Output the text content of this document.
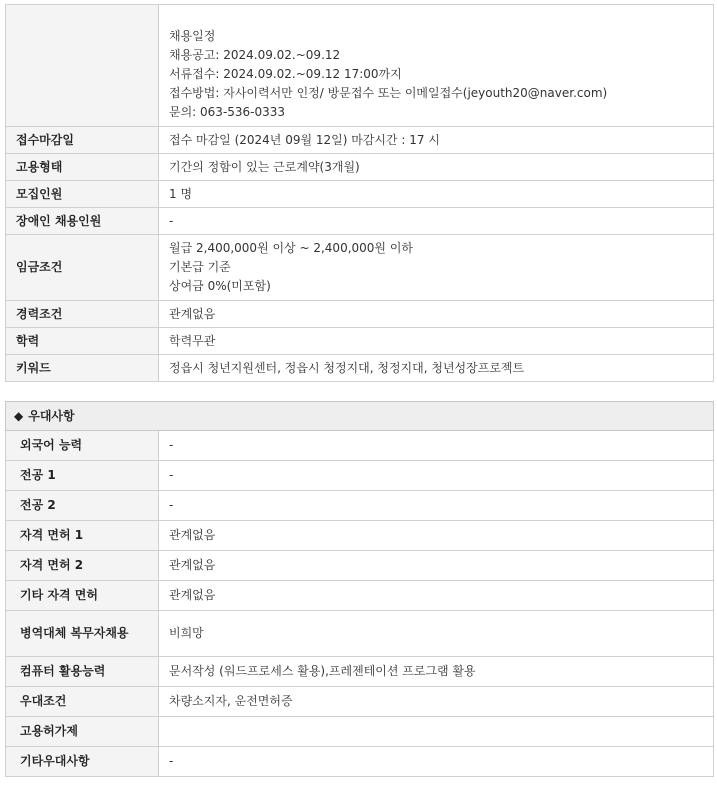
	채용일정
채용공고: 2024.09.02.~09.12
서류접수: 2024.09.02.~09.12 17:00까지
접수방법: 자사이력서만 인정/ 방문접수 또는 이메일접수(jeyouth20@naver.com)
문의: 063-536-0333

접수마감일	접수 마감일 (2024년 09월 12일) 마감시간 : 17 시
고용형태	기간의 정함이 있는 근로계약(3개월)
모집인원	1 명
장애인 채용인원	-
임금조건	월급 2,400,000원 이상 ~ 2,400,000원 이하
기본급 기준
상여금 0%(미포함)

경력조건	관계없음
학력	학력무관
키워드	정읍시 청년지원센터, 정읍시 청정지대, 청정지대, 청년성장프로젝트
◆ 우대사항	
외국어 능력	-
전공 1	-
전공 2	-
자격 면허 1	관계없음
자격 면허 2	관계없음
기타 자격 면허	관계없음
병역대체 복무자채용	비희망
컴퓨터 활용능력	문서작성 (워드프로세스 활용),프레젠테이션 프로그램 활용
우대조건	차량소지자, 운전면허증
고용허가제	
기타우대사항	-
